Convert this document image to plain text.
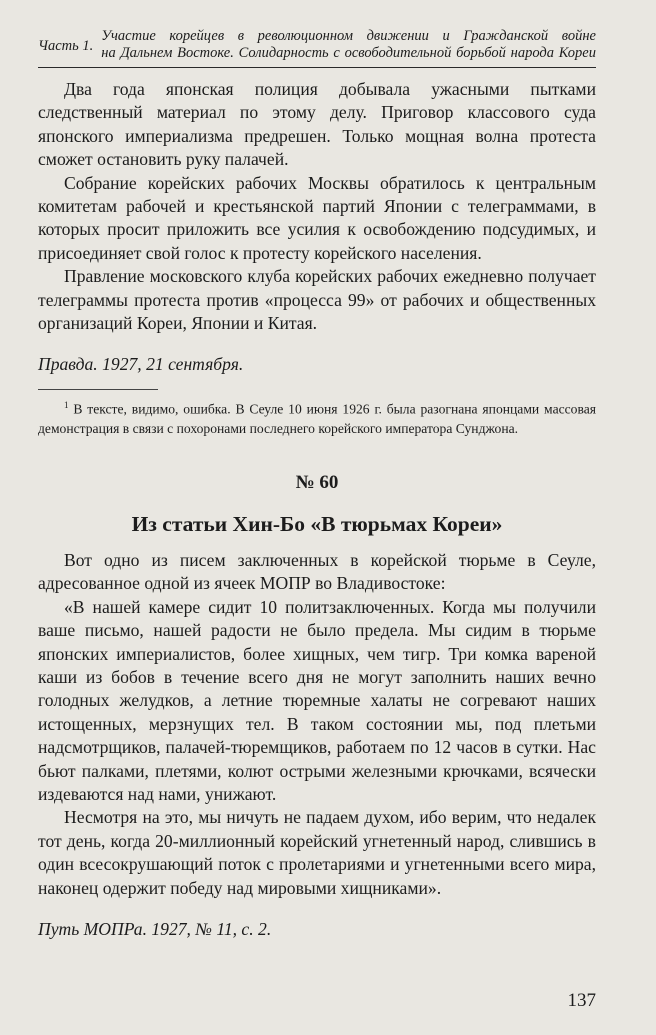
Часть 1.
Участие корейцев в революционном движении и Гражданской войне
на Дальнем Востоке. Солидарность с освободительной борьбой народа Кореи

Два года японская полиция добывала ужасными пытками следственный материал по этому делу. Приговор классового суда японского империализма предрешен. Только мощная волна протеста сможет остановить руку палачей.

Собрание корейских рабочих Москвы обратилось к центральным комитетам рабочей и крестьянской партий Японии с телеграммами, в которых просит приложить все усилия к освобождению подсудимых, и присоединяет свой голос к протесту корейского населения.

Правление московского клуба корейских рабочих ежедневно получает телеграммы протеста против «процесса 99» от рабочих и общественных организаций Кореи, Японии и Китая.

Правда. 1927, 21 сентября.

$^1$ В тексте, видимо, ошибка. В Сеуле 10 июня 1926 г. была разогнана японцами массовая демонстрация в связи с похоронами последнего корейского императора Сунджона.

№ 60
Из статьи Хин-Бо «В тюрьмах Кореи»

Вот одно из писем заключенных в корейской тюрьме в Сеуле, адресованное одной из ячеек МОПР во Владивостоке:

«В нашей камере сидит 10 политзаключенных. Когда мы получили ваше письмо, нашей радости не было предела. Мы сидим в тюрьме японских империалистов, более хищных, чем тигр. Три комка вареной каши из бобов в течение всего дня не могут заполнить наших вечно голодных желудков, а летние тюремные халаты не согревают наших истощенных, мерзнущих тел. В таком состоянии мы, под плетьми надсмотрщиков, палачей-тюремщиков, работаем по 12 часов в сутки. Нас бьют палками, плетями, колют острыми железными крючками, всячески издеваются над нами, унижают.

Несмотря на это, мы ничуть не падаем духом, ибо верим, что недалек тот день, когда 20-миллионный корейский угнетенный народ, слившись в один всесокрушающий поток с пролетариями и угнетенными всего мира, наконец одержит победу над мировыми хищниками».

Путь МОПРа. 1927, № 11, с. 2.

137
